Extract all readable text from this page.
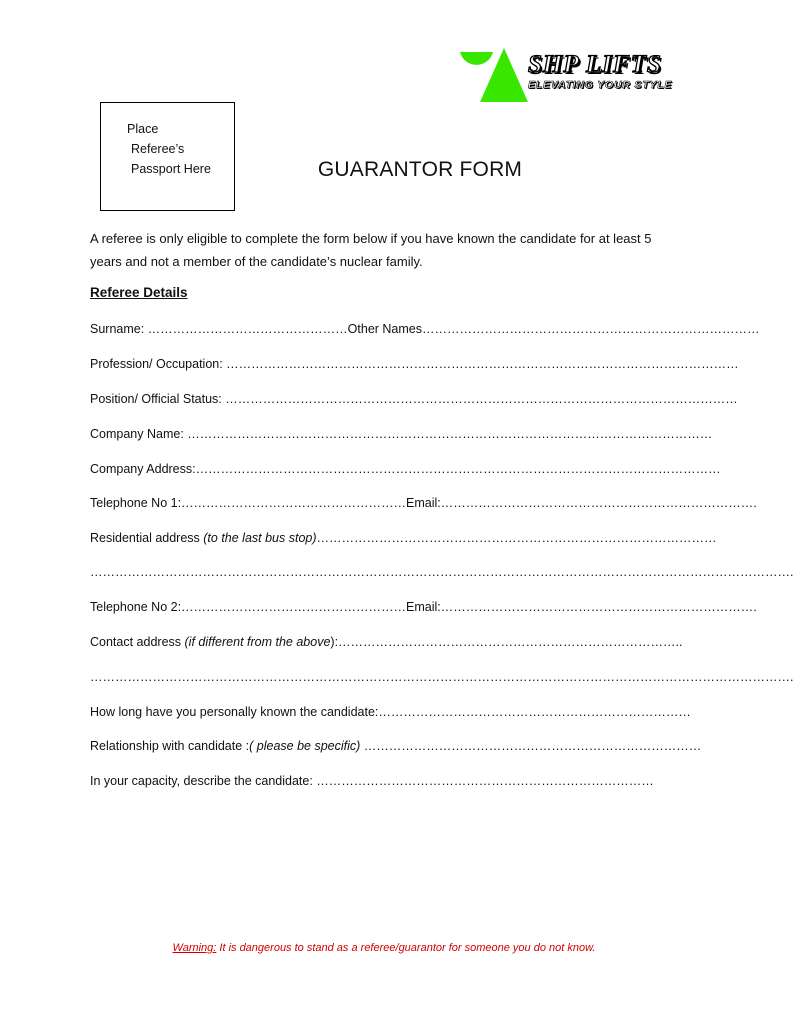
SHP LIFTS
ELEVATING YOUR STYLE
Place
Referee’s
Passport Here	GUARANTOR FORM

A referee is only eligible to complete the form below if you have known the candidate for at least 5 years and not a member of the candidate’s nuclear family.

Referee Details

Surname: …………………………………………Other Names………………………………………………………………………
Profession/ Occupation: ……………………………………………………………………………………………………………
Position/ Official Status: ……………………………………………………………………………………………………………
Company Name: ………………………………………………………………………………………………………………
Company Address:………………………………………………………………………………………………………………
Telephone No 1:………………………………………………Email:………………………………………………………………….
Residential address (to the last bus stop)……………………………………………………………………………………
…………………………………………………………………………………………………………………………………………………….
Telephone No 2:………………………………………………Email:………………………………………………………………….
Contact address (if different from the above):………………………………………………………………………..
…………………………………………………………………………………………………………………………………………………….
How long have you personally known the candidate:…………………………………………………………………
Relationship with candidate :( please be specific) ………………………………………………………………………
In your capacity, describe the candidate: ………………………………………………………………………
Warning: It is dangerous to stand as a referee/guarantor for someone you do not know.
